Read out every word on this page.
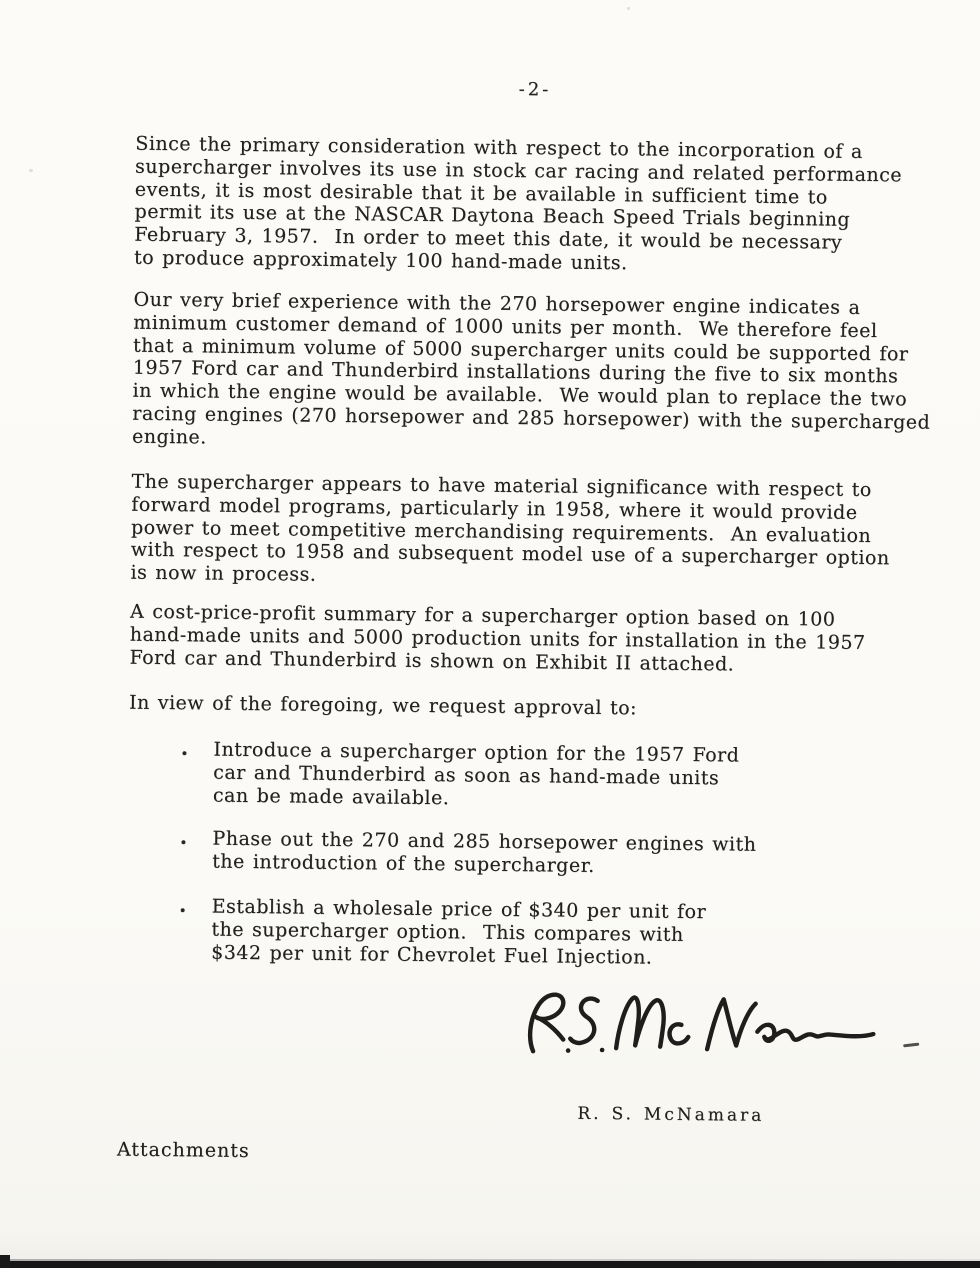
-2-
Since the primary consideration with respect to the incorporation of a
supercharger involves its use in stock car racing and related performance
events, it is most desirable that it be available in sufficient time to
permit its use at the NASCAR Daytona Beach Speed Trials beginning
February 3, 1957.  In order to meet this date, it would be necessary
to produce approximately 100 hand-made units.
Our very brief experience with the 270 horsepower engine indicates a
minimum customer demand of 1000 units per month.  We therefore feel
that a minimum volume of 5000 supercharger units could be supported for
1957 Ford car and Thunderbird installations during the five to six months
in which the engine would be available.  We would plan to replace the two
racing engines (270 horsepower and 285 horsepower) with the supercharged
engine.
The supercharger appears to have material significance with respect to
forward model programs, particularly in 1958, where it would provide
power to meet competitive merchandising requirements.  An evaluation
with respect to 1958 and subsequent model use of a supercharger option
is now in process.
A cost-price-profit summary for a supercharger option based on 100
hand-made units and 5000 production units for installation in the 1957
Ford car and Thunderbird is shown on Exhibit II attached.
In view of the foregoing, we request approval to:
Introduce a supercharger option for the 1957 Ford
car and Thunderbird as soon as hand-made units
can be made available.
Phase out the 270 and 285 horsepower engines with
the introduction of the supercharger.
Establish a wholesale price of $340 per unit for
the supercharger option.  This compares with
$342 per unit for Chevrolet Fuel Injection.
R. S. McNamara
Attachments
